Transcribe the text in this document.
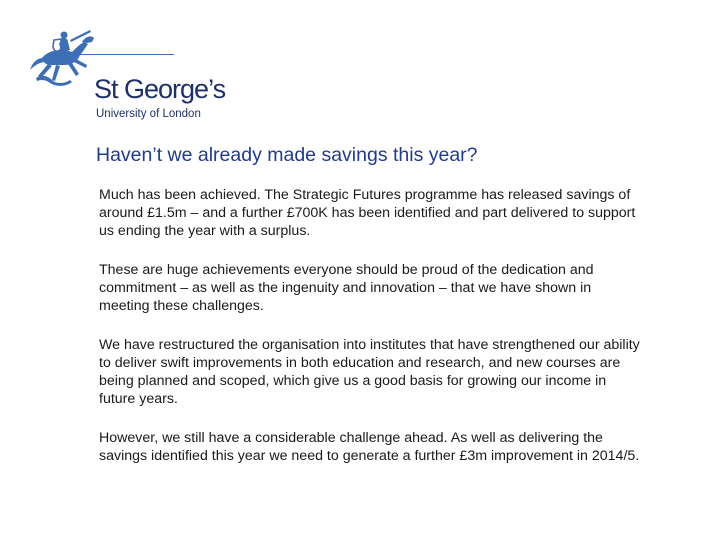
St George’s
University of London
Haven’t we already made savings this year?

Much has been achieved. The Strategic Futures programme has released savings of around £1.5m – and a further £700K has been identified and part delivered to support us ending the year with a surplus.

These are huge achievements everyone should be proud of the dedication and commitment – as well as the ingenuity and innovation – that we have shown in meeting these challenges.

We have restructured the organisation into institutes that have strengthened our ability to deliver swift improvements in both education and research, and new courses are being planned and scoped, which give us a good basis for growing our income in future years.

However, we still have a considerable challenge ahead. As well as delivering the savings identified this year we need to generate a further £3m improvement in 2014/5.
